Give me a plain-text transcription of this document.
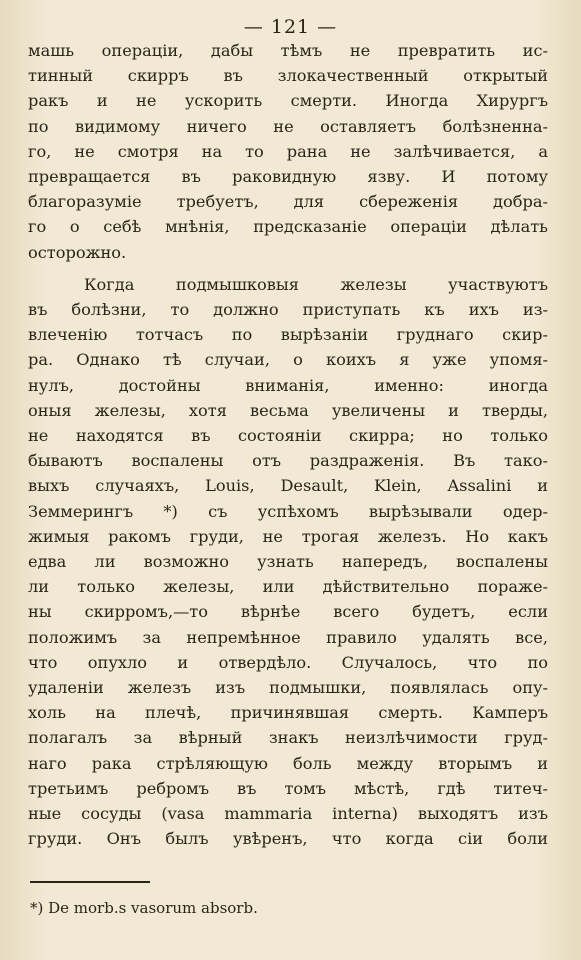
— 121 —
машь операціи, дабы тѣмъ не превратить ис-
тинный скирръ въ злокачественный открытый
ракъ и не ускорить смерти. Иногда Хирургъ
по видимому ничего не оставляетъ болѣзненна-
го, не смотря на то рана не залѣчивается, а
превращается въ раковидную язву. И потому
благоразуміе требуетъ, для сбереженія добра-
го о себѣ мнѣнія, предсказаніе операціи дѣлать
осторожно.
Когда подмышковыя железы участвуютъ
въ болѣзни, то должно приступать къ ихъ из-
влеченію тотчасъ по вырѣзаніи груднаго скир-
ра. Однако тѣ случаи, о коихъ я уже упомя-
нулъ, достойны вниманія, именно: иногда
оныя железы, хотя весьма увеличены и тверды,
не находятся въ состояніи скирра; но только
бываютъ воспалены отъ раздраженія. Въ тако-
выхъ случаяхъ, Louis, Desault, Klein, Assalini и
Земмерингъ *) съ успѣхомъ вырѣзывали одер-
жимыя ракомъ груди, не трогая железъ. Но какъ
едва ли возможно узнать напередъ, воспалены
ли только железы, или дѣйствительно пораже-
ны скирромъ,—то вѣрнѣе всего будетъ, если
положимъ за непремѣнное правило удалять все,
что опухло и отвердѣло. Случалось, что по
удаленіи железъ изъ подмышки, появлялась опу-
холь на плечѣ, причинявшая смерть. Камперъ
полагалъ за вѣрный знакъ неизлѣчимости груд-
наго рака стрѣляющую боль между вторымъ и
третьимъ ребромъ въ томъ мѣстѣ, гдѣ титеч-
ные сосуды (vasa mammaria interna) выходятъ изъ
груди. Онъ былъ увѣренъ, что когда сіи боли
*) De morb.s vasorum absorb.
